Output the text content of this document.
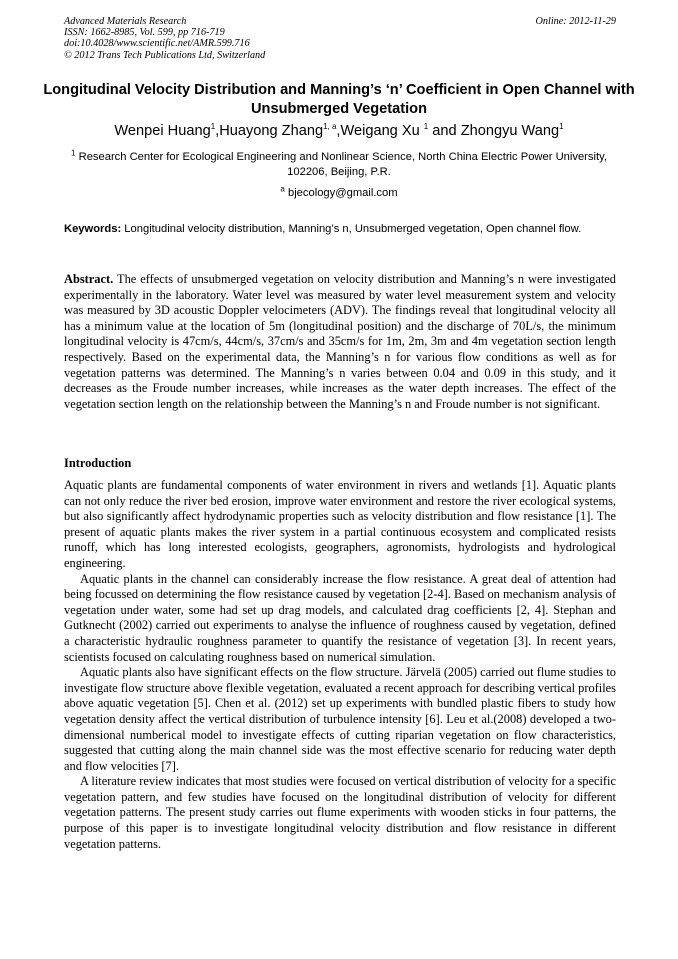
Advanced Materials Research
ISSN: 1662-8985, Vol. 599, pp 716-719
doi:10.4028/www.scientific.net/AMR.599.716
© 2012 Trans Tech Publications Ltd, Switzerland
Online: 2012-11-29
Longitudinal Velocity Distribution and Manning’s ‘n’ Coefficient in Open Channel with Unsubmerged Vegetation
Wenpei Huang$^1$,Huayong Zhang$^{1, a}$,Weigang Xu $^1$ and Zhongyu Wang$^1$
$^1$ Research Center for Ecological Engineering and Nonlinear Science, North China Electric Power University, 102206, Beijing, P.R.
$^a$ bjecology@gmail.com
Keywords: Longitudinal velocity distribution, Manning’s n, Unsubmerged vegetation, Open channel flow.
Abstract. The effects of unsubmerged vegetation on velocity distribution and Manning’s n were investigated experimentally in the laboratory. Water level was measured by water level measurement system and velocity was measured by 3D acoustic Doppler velocimeters (ADV). The findings reveal that longitudinal velocity all has a minimum value at the location of 5m (longitudinal position) and the discharge of 70L/s, the minimum longitudinal velocity is 47cm/s, 44cm/s, 37cm/s and 35cm/s for 1m, 2m, 3m and 4m vegetation section length respectively. Based on the experimental data, the Manning’s n for various flow conditions as well as for vegetation patterns was determined. The Manning’s n varies between 0.04 and 0.09 in this study, and it decreases as the Froude number increases, while increases as the water depth increases. The effect of the vegetation section length on the relationship between the Manning’s n and Froude number is not significant.
Introduction

Aquatic plants are fundamental components of water environment in rivers and wetlands [1]. Aquatic plants can not only reduce the river bed erosion, improve water environment and restore the river ecological systems, but also significantly affect hydrodynamic properties such as velocity distribution and flow resistance [1]. The present of aquatic plants makes the river system in a partial continuous ecosystem and complicated resists runoff, which has long interested ecologists, geographers, agronomists, hydrologists and hydrological engineering.

Aquatic plants in the channel can considerably increase the flow resistance. A great deal of attention had being focussed on determining the flow resistance caused by vegetation [2-4]. Based on mechanism analysis of vegetation under water, some had set up drag models, and calculated drag coefficients [2, 4]. Stephan and Gutknecht (2002) carried out experiments to analyse the influence of roughness caused by vegetation, defined a characteristic hydraulic roughness parameter to quantify the resistance of vegetation [3]. In recent years, scientists focused on calculating roughness based on numerical simulation.

Aquatic plants also have significant effects on the flow structure. Järvelä (2005) carried out flume studies to investigate flow structure above flexible vegetation, evaluated a recent approach for describing vertical profiles above aquatic vegetation [5]. Chen et al. (2012) set up experiments with bundled plastic fibers to study how vegetation density affect the vertical distribution of turbulence intensity [6]. Leu et al.(2008) developed a two-dimensional numberical model to investigate effects of cutting riparian vegetation on flow characteristics, suggested that cutting along the main channel side was the most effective scenario for reducing water depth and flow velocities [7].

A literature review indicates that most studies were focused on vertical distribution of velocity for a specific vegetation pattern, and few studies have focused on the longitudinal distribution of velocity for different vegetation patterns. The present study carries out flume experiments with wooden sticks in four patterns, the purpose of this paper is to investigate longitudinal velocity distribution and flow resistance in different vegetation patterns.
